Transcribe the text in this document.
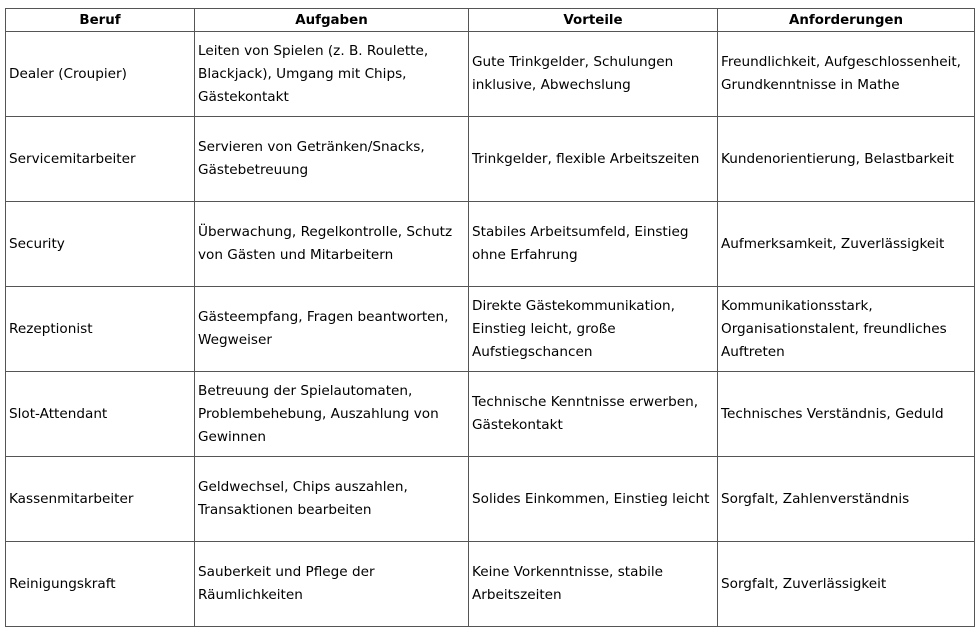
Beruf	Aufgaben	Vorteile	Anforderungen
Dealer (Croupier)	Leiten von Spielen (z. B. Roulette, Blackjack), Umgang mit Chips, Gästekontakt	Gute Trinkgelder, Schulungen inklusive, Abwechslung	Freundlichkeit, Aufgeschlossenheit, Grundkenntnisse in Mathe
Servicemitarbeiter	Servieren von Getränken/Snacks, Gästebetreuung	Trinkgelder, flexible Arbeitszeiten	Kundenorientierung, Belastbarkeit
Security	Überwachung, Regelkontrolle, Schutz von Gästen und Mitarbeitern	Stabiles Arbeitsumfeld, Einstieg ohne Erfahrung	Aufmerksamkeit, Zuverlässigkeit
Rezeptionist	Gästeempfang, Fragen beantworten, Wegweiser	Direkte Gästekommunikation, Einstieg leicht, große Aufstiegschancen	Kommunikationsstark, Organisationstalent, freundliches Auftreten
Slot-Attendant	Betreuung der Spielautomaten, Problembehebung, Auszahlung von Gewinnen	Technische Kenntnisse erwerben, Gästekontakt	Technisches Verständnis, Geduld
Kassenmitarbeiter	Geldwechsel, Chips auszahlen, Transaktionen bearbeiten	Solides Einkommen, Einstieg leicht	Sorgfalt, Zahlenverständnis
Reinigungskraft	Sauberkeit und Pflege der Räumlichkeiten	Keine Vorkenntnisse, stabile Arbeitszeiten	Sorgfalt, Zuverlässigkeit
